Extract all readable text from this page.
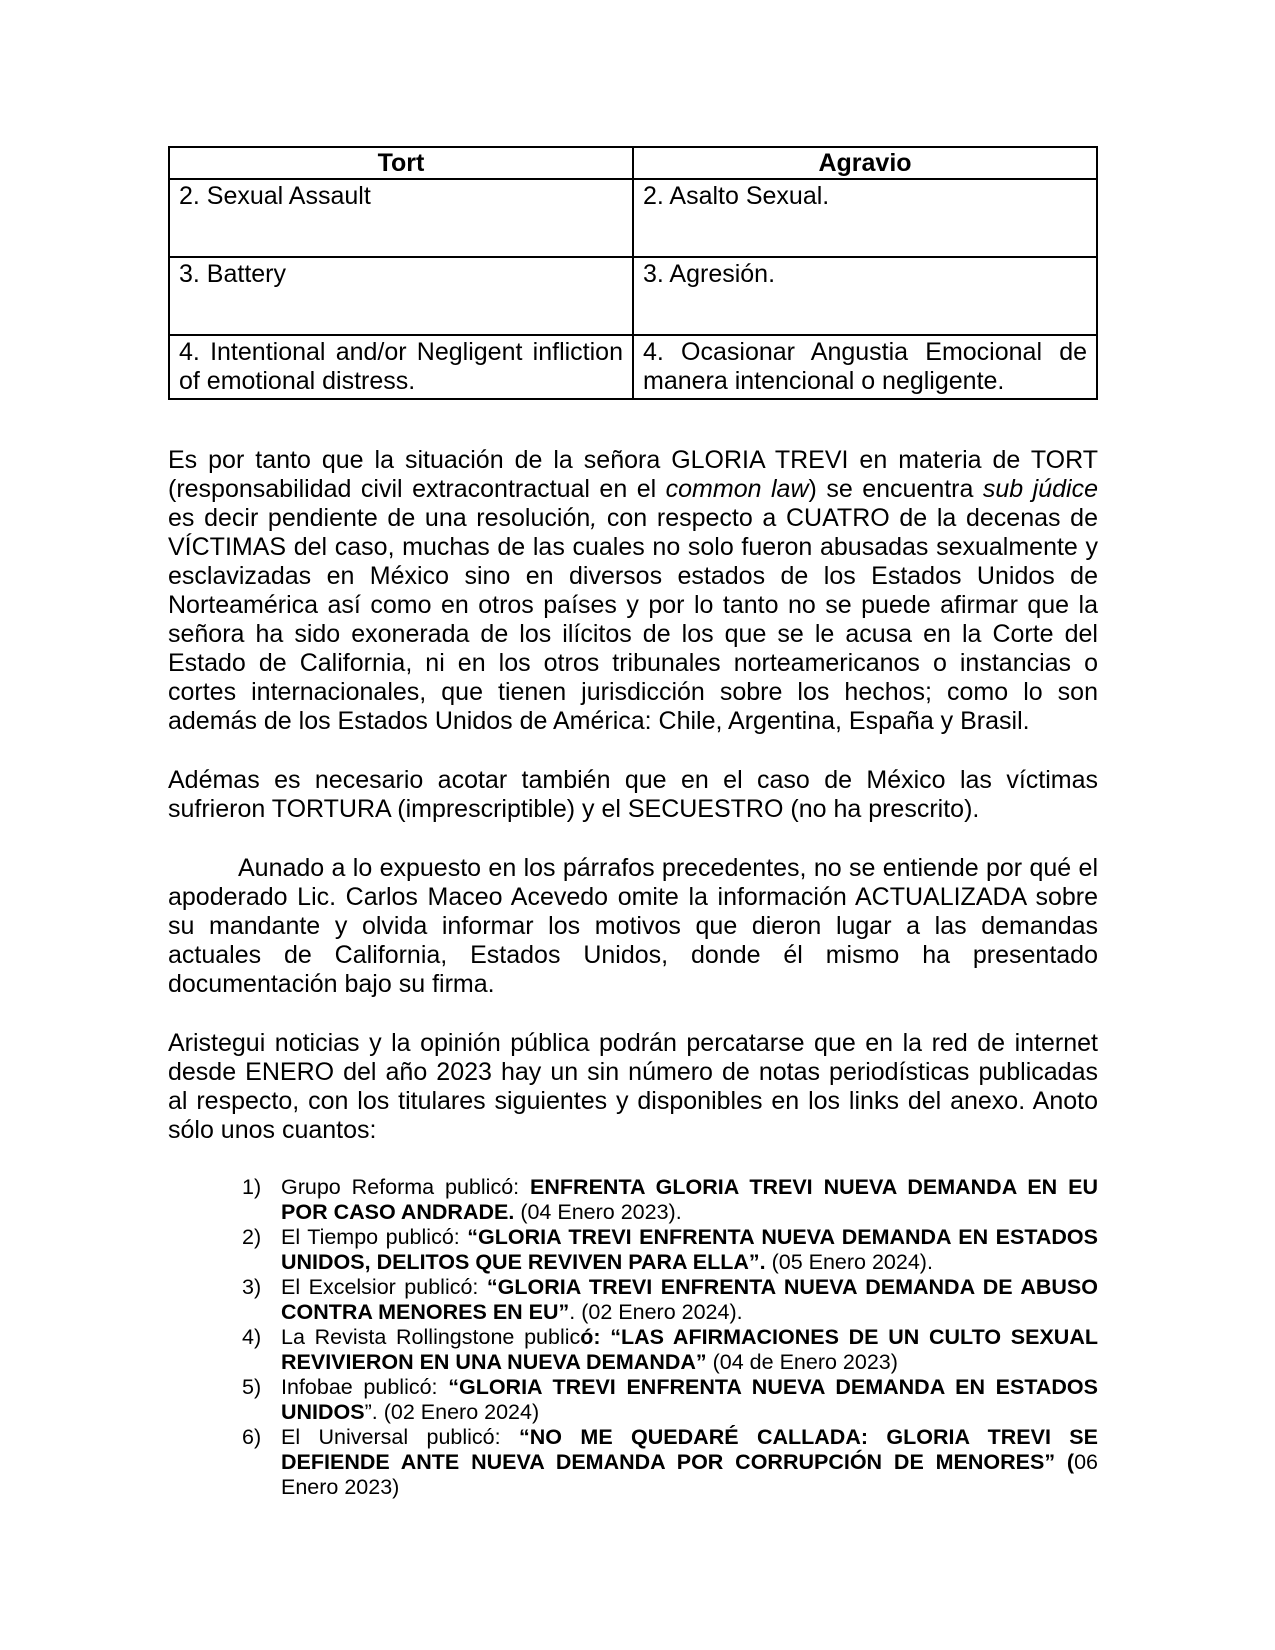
Tort	Agravio
2. Sexual Assault	2. Asalto Sexual.
3. Battery	3. Agresión.
4. Intentional and/or Negligent infliction of emotional distress.	4. Ocasionar Angustia Emocional de manera intencional o negligente.

Es por tanto que la situación de la señora GLORIA TREVI en materia de TORT (responsabilidad civil extracontractual en el common law) se encuentra sub júdice es decir pendiente de una resolución, con respecto a CUATRO de la decenas de VÍCTIMAS del caso, muchas de las cuales no solo fueron abusadas sexualmente y esclavizadas en México sino en diversos estados de los Estados Unidos de Norteamérica así como en otros países y por lo tanto no se puede afirmar que la señora ha sido exonerada de los ilícitos de los que se le acusa en la Corte del Estado de California, ni en los otros tribunales norteamericanos o instancias o cortes internacionales, que tienen jurisdicción sobre los hechos; como lo son además de los Estados Unidos de América: Chile, Argentina, España y Brasil.

Adémas es necesario acotar también que en el caso de México las víctimas sufrieron TORTURA (imprescriptible) y el SECUESTRO (no ha prescrito).

Aunado a lo expuesto en los párrafos precedentes, no se entiende por qué el apoderado Lic. Carlos Maceo Acevedo omite la información ACTUALIZADA sobre su mandante y olvida informar los motivos que dieron lugar a las demandas actuales de California, Estados Unidos, donde él mismo ha presentado documentación bajo su firma.

Aristegui noticias y la opinión pública podrán percatarse que en la red de internet desde ENERO del año 2023 hay un sin número de notas periodísticas publicadas al respecto, con los titulares siguientes y disponibles en los links del anexo. Anoto sólo unos cuantos:

1) Grupo Reforma publicó: ENFRENTA GLORIA TREVI NUEVA DEMANDA EN EU POR CASO ANDRADE. (04 Enero 2023).
2) El Tiempo publicó: “GLORIA TREVI ENFRENTA NUEVA DEMANDA EN ESTADOS UNIDOS, DELITOS QUE REVIVEN PARA ELLA”. (05 Enero 2024).
3) El Excelsior publicó: “GLORIA TREVI ENFRENTA NUEVA DEMANDA DE ABUSO CONTRA MENORES EN EU”. (02 Enero 2024).
4) La Revista Rollingstone publicó: “LAS AFIRMACIONES DE UN CULTO SEXUAL REVIVIERON EN UNA NUEVA DEMANDA” (04 de Enero 2023)
5) Infobae publicó: “GLORIA TREVI ENFRENTA NUEVA DEMANDA EN ESTADOS UNIDOS”. (02 Enero 2024)
6) El Universal publicó: “NO ME QUEDARÉ CALLADA: GLORIA TREVI SE DEFIENDE ANTE NUEVA DEMANDA POR CORRUPCIÓN DE MENORES” (06 Enero 2023)
